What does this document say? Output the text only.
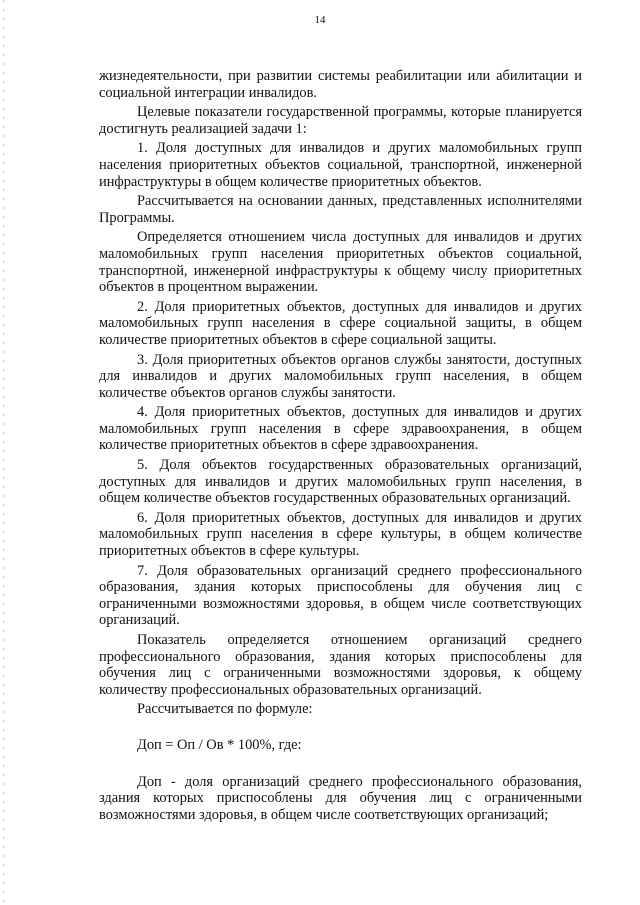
14

жизнедеятельности, при развитии системы реабилитации или абилитации и социальной интеграции инвалидов.

Целевые показатели государственной программы, которые планируется достигнуть реализацией задачи 1:

1. Доля доступных для инвалидов и других маломобильных групп населения приоритетных объектов социальной, транспортной, инженерной инфраструктуры в общем количестве приоритетных объектов.

Рассчитывается на основании данных, представленных исполнителями Программы.

Определяется отношением числа доступных для инвалидов и других маломобильных групп населения приоритетных объектов социальной, транспортной, инженерной инфраструктуры к общему числу приоритетных объектов в процентном выражении.

2. Доля приоритетных объектов, доступных для инвалидов и других маломобильных групп населения в сфере социальной защиты, в общем количестве приоритетных объектов в сфере социальной защиты.

3. Доля приоритетных объектов органов службы занятости, доступных для инвалидов и других маломобильных групп населения, в общем количестве объектов органов службы занятости.

4. Доля приоритетных объектов, доступных для инвалидов и других маломобильных групп населения в сфере здравоохранения, в общем количестве приоритетных объектов в сфере здравоохранения.

5. Доля объектов государственных образовательных организаций, доступных для инвалидов и других маломобильных групп населения, в общем количестве объектов государственных образовательных организаций.

6. Доля приоритетных объектов, доступных для инвалидов и других маломобильных групп населения в сфере культуры, в общем количестве приоритетных объектов в сфере культуры.

7. Доля образовательных организаций среднего профессионального образования, здания которых приспособлены для обучения лиц с ограниченными возможностями здоровья, в общем числе соответствующих организаций.

Показатель определяется отношением организаций среднего профессионального образования, здания которых приспособлены для обучения лиц с ограниченными возможностями здоровья, к общему количеству профессиональных образовательных организаций.

Рассчитывается по формуле:

Доп = Оп / Ов * 100%, где:

Доп - доля организаций среднего профессионального образования, здания которых приспособлены для обучения лиц с ограниченными возможностями здоровья, в общем числе соответствующих организаций;
